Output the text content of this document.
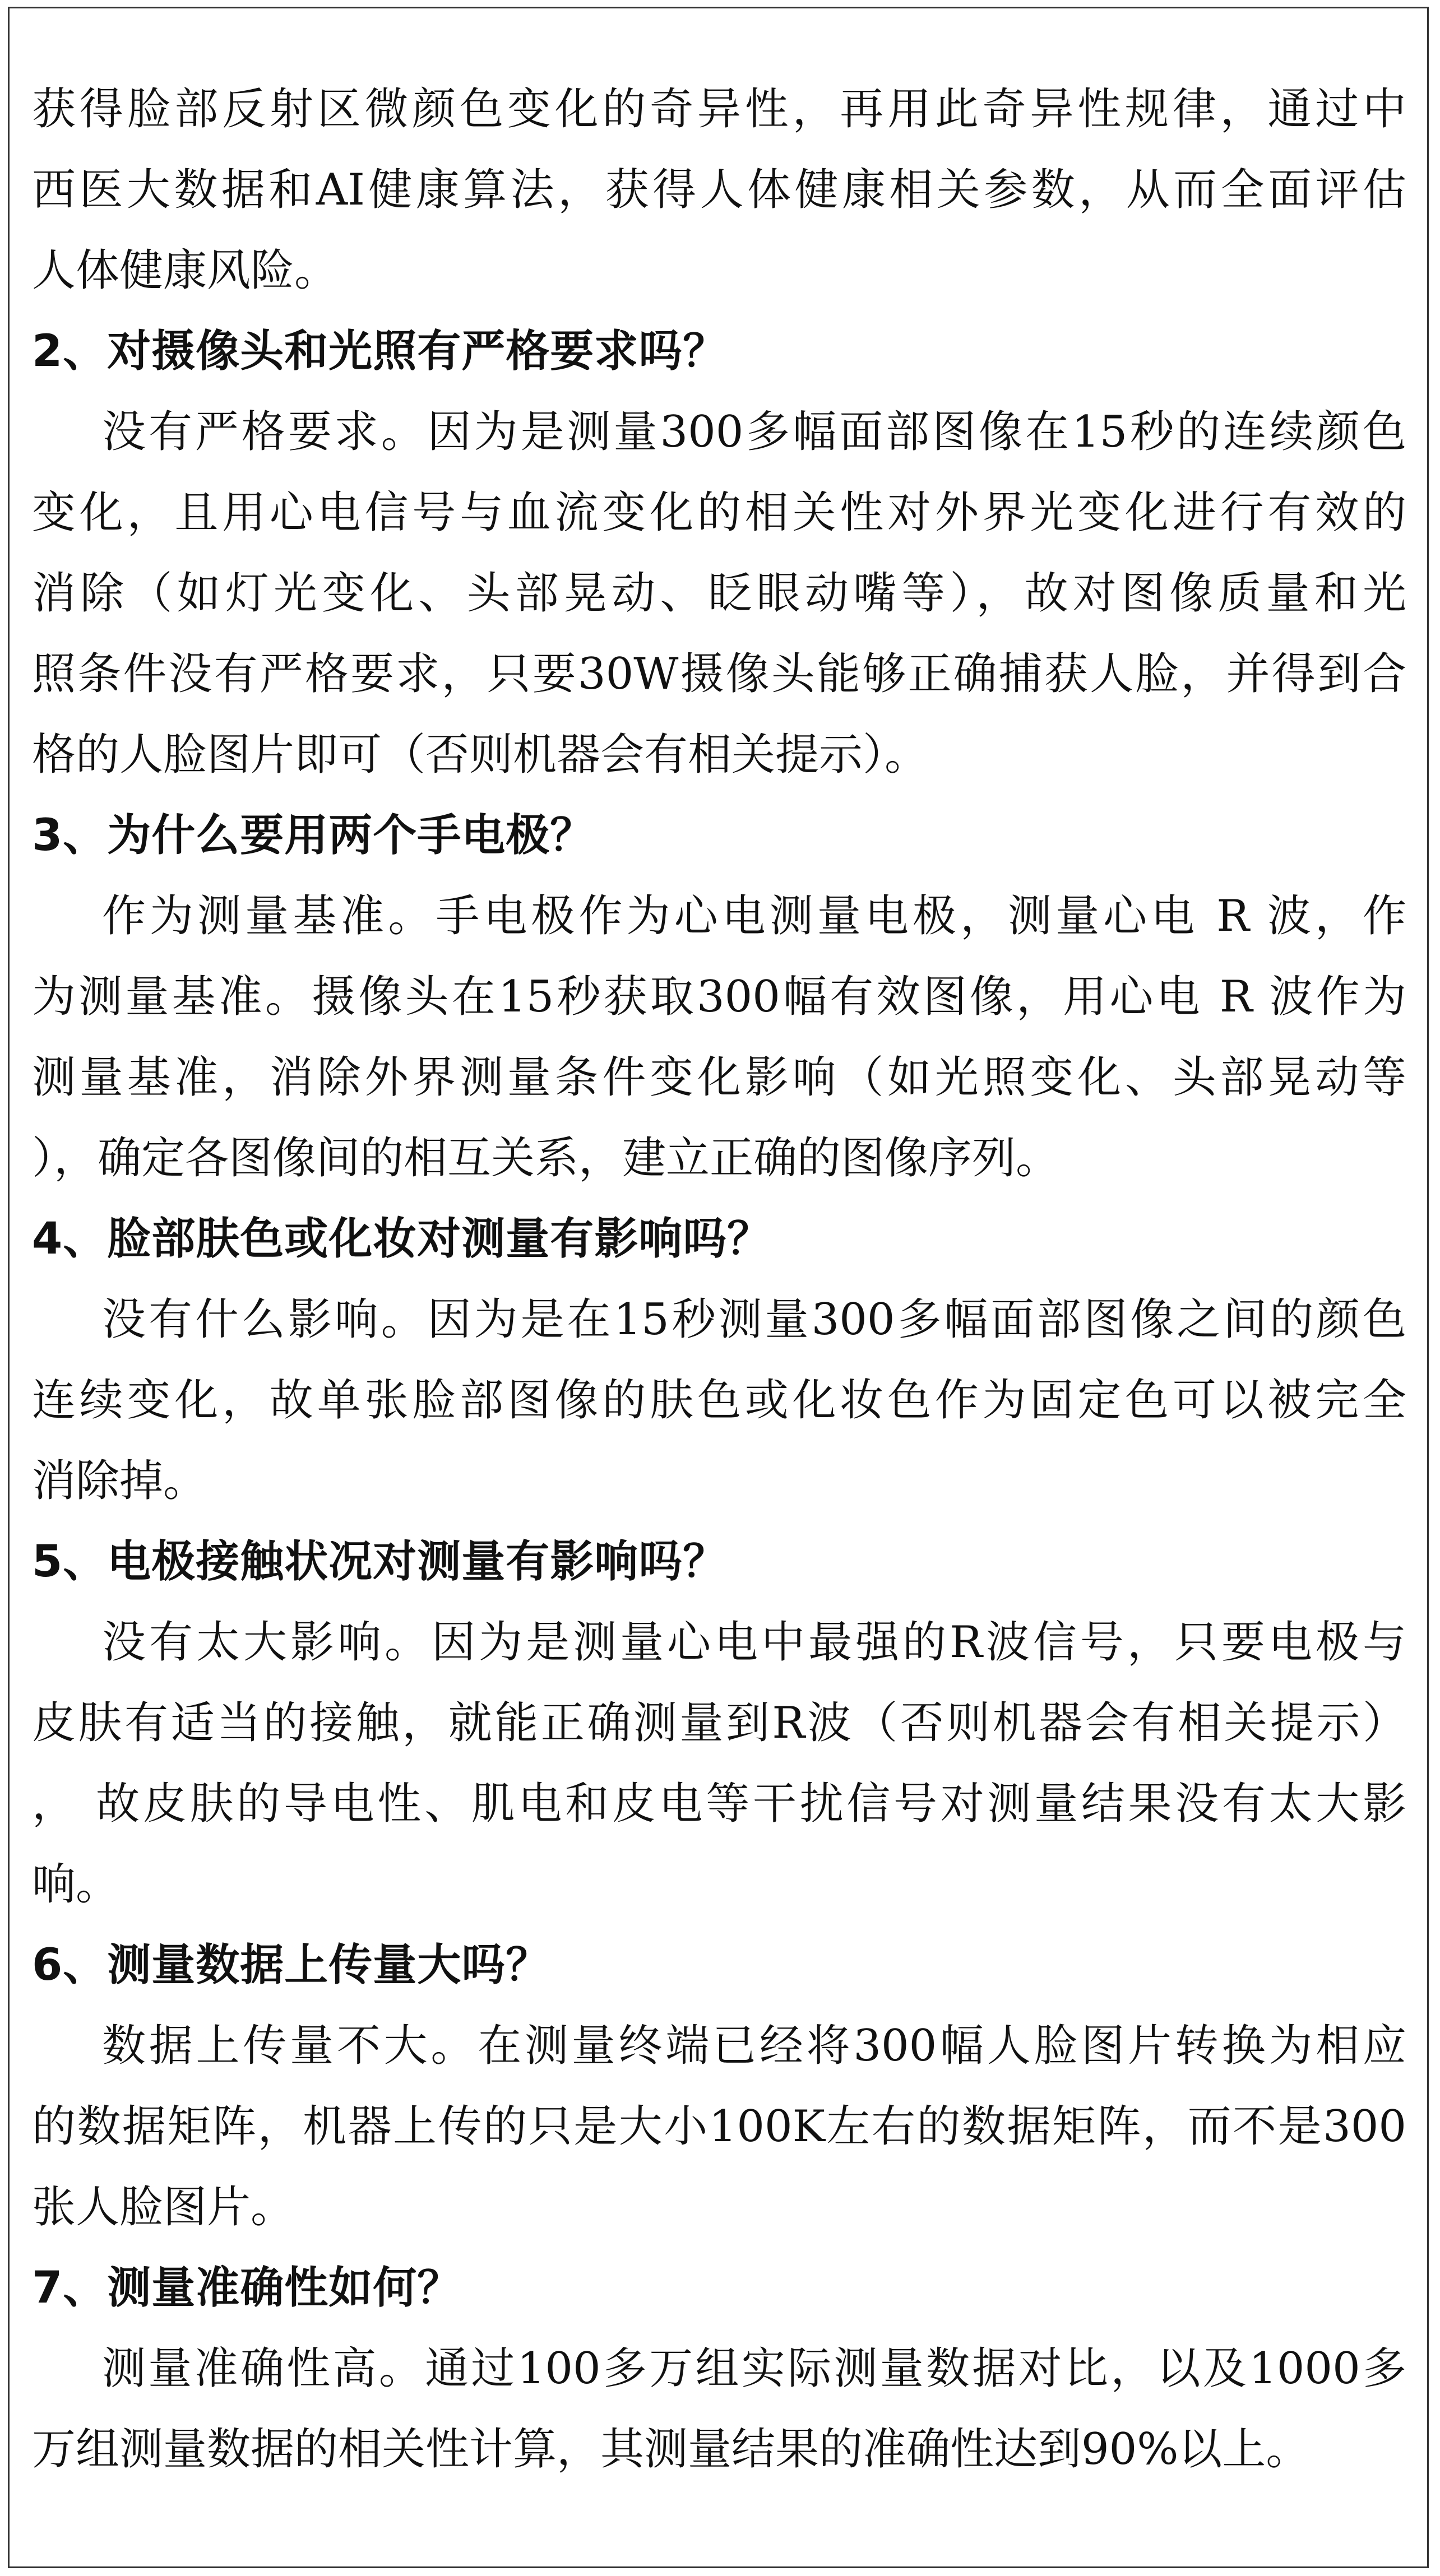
获得脸部反射区微颜色变化的奇异性，再用此奇异性规律，通过中
西医大数据和AI健康算法，获得人体健康相关参数，从而全面评估
人体健康风险。
2、对摄像头和光照有严格要求吗？
没有严格要求。因为是测量300多幅面部图像在15秒的连续颜色
变化，且用心电信号与血流变化的相关性对外界光变化进行有效的
消除（如灯光变化、头部晃动、眨眼动嘴等），故对图像质量和光
照条件没有严格要求，只要30W摄像头能够正确捕获人脸，并得到合
格的人脸图片即可（否则机器会有相关提示）。
3、为什么要用两个手电极？
作为测量基准。手电极作为心电测量电极，测量心电 R 波，作
为测量基准。摄像头在15秒获取300幅有效图像，用心电 R 波作为
测量基准，消除外界测量条件变化影响（如光照变化、头部晃动等
），确定各图像间的相互关系，建立正确的图像序列。
4、脸部肤色或化妆对测量有影响吗？
没有什么影响。因为是在15秒测量300多幅面部图像之间的颜色
连续变化，故单张脸部图像的肤色或化妆色作为固定色可以被完全
消除掉。
5、电极接触状况对测量有影响吗？
没有太大影响。因为是测量心电中最强的R波信号，只要电极与
皮肤有适当的接触，就能正确测量到R波（否则机器会有相关提示）
， 故皮肤的导电性、肌电和皮电等干扰信号对测量结果没有太大影
响。
6、测量数据上传量大吗？
数据上传量不大。在测量终端已经将300幅人脸图片转换为相应
的数据矩阵，机器上传的只是大小100K左右的数据矩阵，而不是300
张人脸图片。
7、测量准确性如何？
测量准确性高。通过100多万组实际测量数据对比，以及1000多
万组测量数据的相关性计算，其测量结果的准确性达到90%以上。
